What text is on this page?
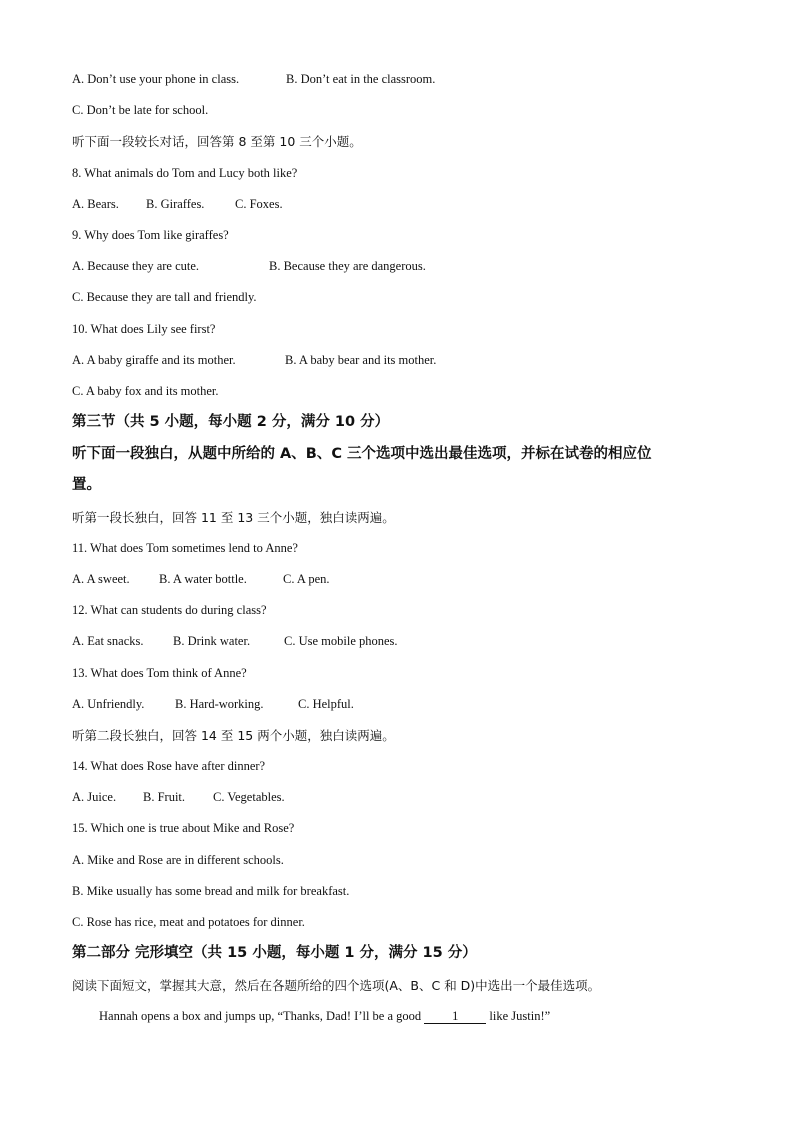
A. Don’t use your phone in class.	B. Don’t eat in the classroom.
C. Don’t be late for school.
听下面一段较长对话，回答第 8 至第 10 三个小题。
8. What animals do Tom and Lucy both like?
A. Bears. B. Giraffes. C. Foxes.
9. Why does Tom like giraffes?
A. Because they are cute.	B. Because they are dangerous.
C. Because they are tall and friendly.
10. What does Lily see first?
A. A baby giraffe and its mother.	B. A baby bear and its mother.
C. A baby fox and its mother.
第三节（共 5 小题，每小题 2 分，满分 10 分）
听下面一段独白，从题中所给的 A、B、C 三个选项中选出最佳选项，并标在试卷的相应位
置。
听第一段长独白，回答 11 至 13 三个小题，独白读两遍。
11. What does Tom sometimes lend to Anne?
A. A sweet. B. A water bottle.	C. A pen.
12. What can students do during class?
A. Eat snacks. B. Drink water.	C. Use mobile phones.
13. What does Tom think of Anne?
A. Unfriendly. B. Hard-working.	C. Helpful.
听第二段长独白，回答 14 至 15 两个小题，独白读两遍。
14. What does Rose have after dinner?
A. Juice. B. Fruit. C. Vegetables.
15. Which one is true about Mike and Rose?
A. Mike and Rose are in different schools.
B. Mike usually has some bread and milk for breakfast.
C. Rose has rice, meat and potatoes for dinner.
第二部分 完形填空（共 15 小题，每小题 1 分，满分 15 分）
阅读下面短文，掌握其大意，然后在各题所给的四个选项(A、B、C 和 D)中选出一个最佳选项。
Hannah opens a box and jumps up, “Thanks, Dad! I’ll be a good 1 like Justin!”
